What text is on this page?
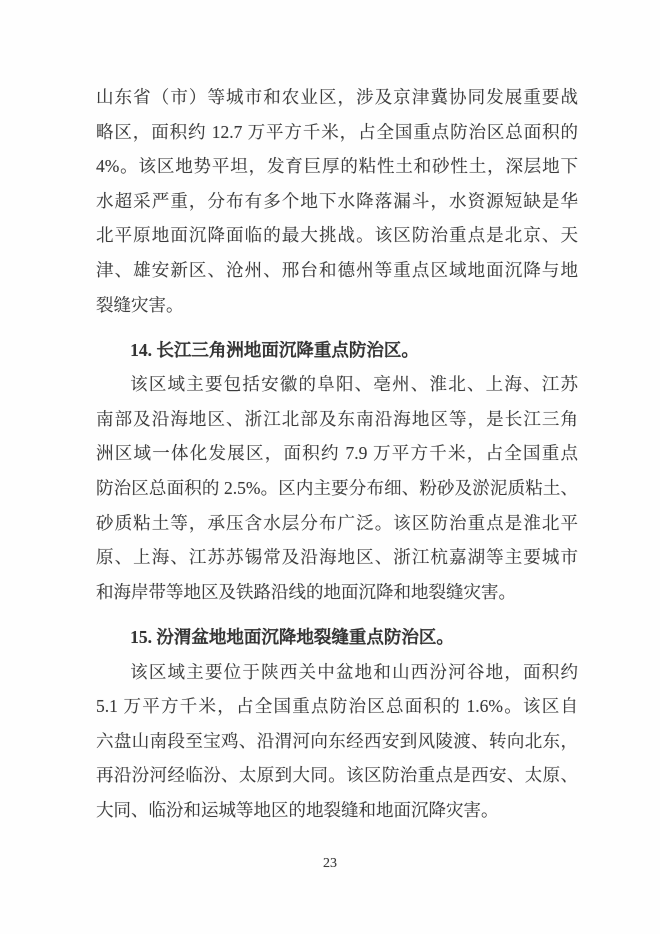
山东省（市）等城市和农业区，涉及京津冀协同发展重要战
略区，面积约 12.7 万平方千米，占全国重点防治区总面积的
4%。该区地势平坦，发育巨厚的粘性土和砂性土，深层地下
水超采严重，分布有多个地下水降落漏斗，水资源短缺是华
北平原地面沉降面临的最大挑战。该区防治重点是北京、天
津、雄安新区、沧州、邢台和德州等重点区域地面沉降与地
裂缝灾害。
14. 长江三角洲地面沉降重点防治区。
该区域主要包括安徽的阜阳、亳州、淮北、上海、江苏
南部及沿海地区、浙江北部及东南沿海地区等，是长江三角
洲区域一体化发展区，面积约 7.9 万平方千米，占全国重点
防治区总面积的 2.5%。区内主要分布细、粉砂及淤泥质粘土、
砂质粘土等，承压含水层分布广泛。该区防治重点是淮北平
原、上海、江苏苏锡常及沿海地区、浙江杭嘉湖等主要城市
和海岸带等地区及铁路沿线的地面沉降和地裂缝灾害。
15. 汾渭盆地地面沉降地裂缝重点防治区。
该区域主要位于陕西关中盆地和山西汾河谷地，面积约
5.1 万平方千米，占全国重点防治区总面积的 1.6%。该区自
六盘山南段至宝鸡、沿渭河向东经西安到风陵渡、转向北东，
再沿汾河经临汾、太原到大同。该区防治重点是西安、太原、
大同、临汾和运城等地区的地裂缝和地面沉降灾害。
23
